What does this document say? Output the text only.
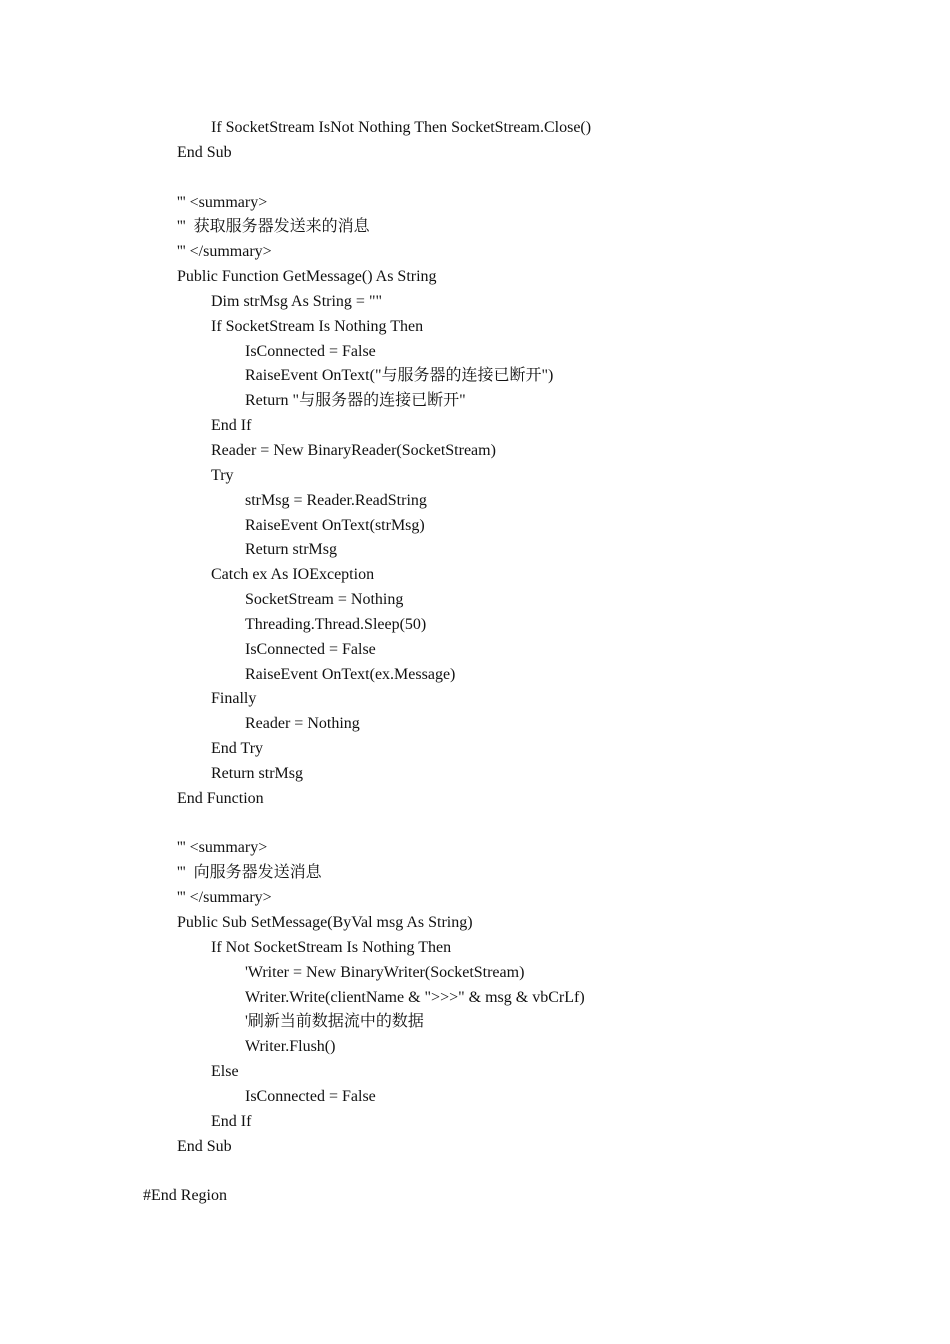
If SocketStream IsNot Nothing Then SocketStream.Close()
End Sub
''' <summary>
'''  获取服务器发送来的消息
''' </summary>
Public Function GetMessage() As String
Dim strMsg As String = ""
If SocketStream Is Nothing Then
IsConnected = False
RaiseEvent OnText("与服务器的连接已断开")
Return "与服务器的连接已断开"
End If
Reader = New BinaryReader(SocketStream)
Try
strMsg = Reader.ReadString
RaiseEvent OnText(strMsg)
Return strMsg
Catch ex As IOException
SocketStream = Nothing
Threading.Thread.Sleep(50)
IsConnected = False
RaiseEvent OnText(ex.Message)
Finally
Reader = Nothing
End Try
Return strMsg
End Function
''' <summary>
'''  向服务器发送消息
''' </summary>
Public Sub SetMessage(ByVal msg As String)
If Not SocketStream Is Nothing Then
'Writer = New BinaryWriter(SocketStream)
Writer.Write(clientName & ">>>" & msg & vbCrLf)
'刷新当前数据流中的数据
Writer.Flush()
Else
IsConnected = False
End If
End Sub
#End Region
